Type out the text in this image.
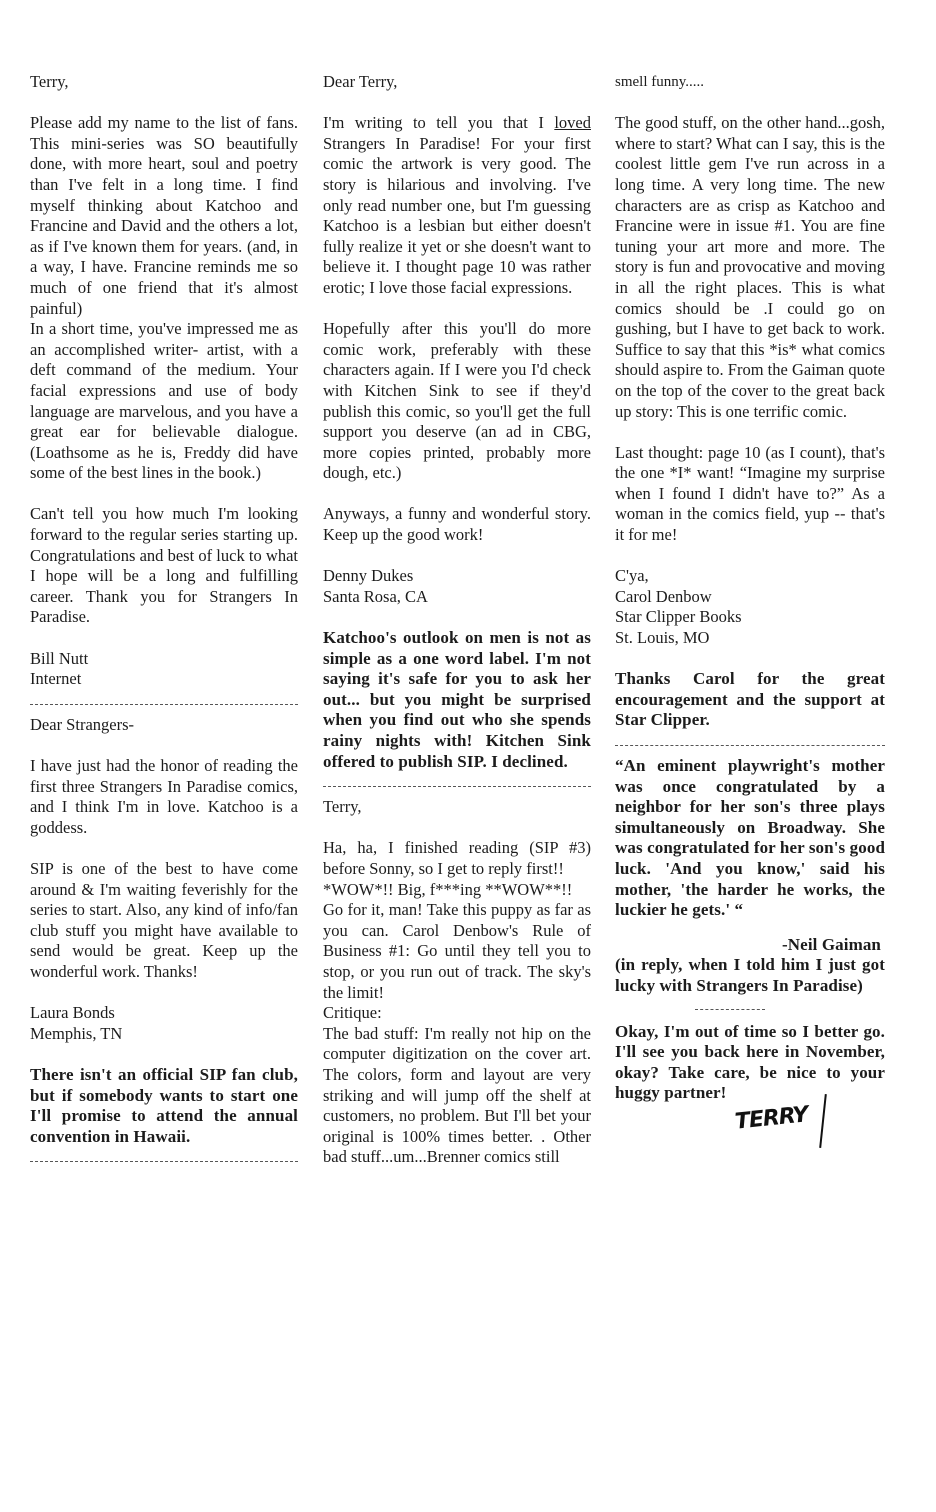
Terry,

Please add my name to the list of fans. This mini-series was SO beautifully done, with more heart, soul and poetry than I've felt in a long time. I find myself thinking about Katchoo and Francine and David and the others a lot, as if I've known them for years. (and, in a way, I have. Francine reminds me so much of one friend that it's almost painful)

In a short time, you've impressed me as an accomplished writer- artist, with a deft command of the medium. Your facial expressions and use of body language are marvelous, and you have a great ear for believable dialogue. (Loathsome as he is, Freddy did have some of the best lines in the book.)

Can't tell you how much I'm looking forward to the regular series starting up. Congratulations and best of luck to what I hope will be a long and fulfilling career. Thank you for Strangers In Paradise.

Bill Nutt

Internet

Dear Strangers-

I have just had the honor of reading the first three Strangers In Paradise comics, and I think I'm in love. Katchoo is a goddess.

SIP is one of the best to have come around & I'm waiting feverishly for the series to start. Also, any kind of info/fan club stuff you might have available to send would be great. Keep up the wonderful work. Thanks!

Laura Bonds

Memphis, TN

There isn't an official SIP fan club, but if somebody wants to start one I'll promise to attend the annual convention in Hawaii.

Dear Terry,

I'm writing to tell you that I loved Strangers In Paradise! For your first comic the artwork is very good. The story is hilarious and involving. I've only read number one, but I'm guessing Katchoo is a lesbian but either doesn't fully realize it yet or she doesn't want to believe it. I thought page 10 was rather erotic; I love those facial expressions.

Hopefully after this you'll do more comic work, preferably with these characters again. If I were you I'd check with Kitchen Sink to see if they'd publish this comic, so you'll get the full support you deserve (an ad in CBG, more copies printed, probably more dough, etc.)

Anyways, a funny and wonderful story. Keep up the good work!

Denny Dukes

Santa Rosa, CA

Katchoo's outlook on men is not as simple as a one word label. I'm not saying it's safe for you to ask her out... but you might be surprised when you find out who she spends rainy nights with! Kitchen Sink offered to publish SIP. I declined.

Terry,

Ha, ha, I finished reading (SIP #3) before Sonny, so I get to reply first!!

*WOW*!! Big, f***ing **WOW**!!

Go for it, man! Take this puppy as far as you can. Carol Denbow's Rule of Business #1: Go until they tell you to stop, or you run out of track. The sky's the limit!

Critique:

The bad stuff: I'm really not hip on the computer digitization on the cover art. The colors, form and layout are very striking and will jump off the shelf at customers, no problem. But I'll bet your original is 100% times better. . Other bad stuff...um...Brenner comics still

smell funny.....

The good stuff, on the other hand...gosh, where to start? What can I say, this is the coolest little gem I've run across in a long time. A very long time. The new characters are as crisp as Katchoo and Francine were in issue #1. You are fine tuning your art more and more. The story is fun and provocative and moving in all the right places. This is what comics should be .I could go on gushing, but I have to get back to work. Suffice to say that this *is* what comics should aspire to. From the Gaiman quote on the top of the cover to the great back up story: This is one terrific comic.

Last thought: page 10 (as I count), that's the one *I* want! “Imagine my surprise when I found I didn't have to?” As a woman in the comics field, yup -- that's it for me!

C'ya,

Carol Denbow

Star Clipper Books

St. Louis, MO

Thanks Carol for the great encouragement and the support at Star Clipper.

“An eminent playwright's mother was once congratulated by a neighbor for her son's three plays simultaneously on Broadway. She was congratulated for her son's good luck. 'And you know,' said his mother, 'the harder he works, the luckier he gets.' “

-Neil Gaiman

(in reply, when I told him I just got lucky with Strangers In Paradise)

Okay, I'm out of time so I better go. I'll see you back here in November, okay? Take care, be nice to your huggy partner!

TERRY
